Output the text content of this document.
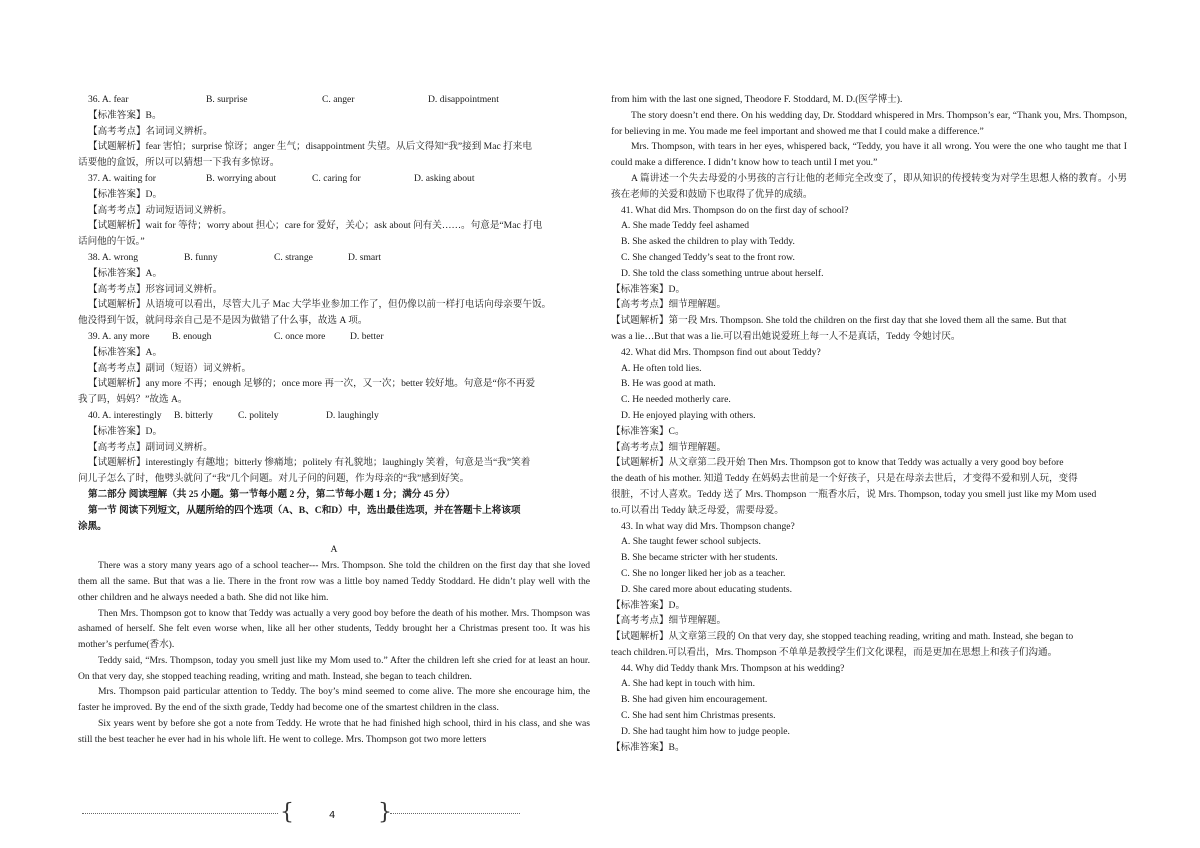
36. A. fear	B. surprise	C. anger	D. disappointment
【标准答案】B。
【高考考点】名词词义辨析。
【试题解析】fear 害怕；surprise 惊讶；anger 生气；disappointment 失望。从后文得知“我”接到 Mac 打来电
话要他的盒饭，所以可以猜想一下我有多惊讶。
37. A. waiting for	B. worrying about	C. caring for	D. asking about
【标准答案】D。
【高考考点】动词短语词义辨析。
【试题解析】wait for 等待；worry about 担心；care for 爱好，关心；ask about 问有关……。句意是“Mac 打电
话问他的午饭。”
38. A. wrong	B. funny	C. strange	D. smart
【标准答案】A。
【高考考点】形容词词义辨析。
【试题解析】从语境可以看出，尽管大儿子 Mac 大学毕业参加工作了，但仍像以前一样打电话向母亲要午饭。
他没得到午饭，就问母亲自己是不是因为做错了什么事，故选 A 项。
39. A. any more	B. enough	C. once more	D. better
【标准答案】A。
【高考考点】副词（短语）词义辨析。
【试题解析】any more 不再；enough 足够的；once more 再一次，又一次；better 较好地。句意是“你不再爱
我了吗，妈妈？”故选 A。
40. A. interestingly	B. bitterly	C. politely	D. laughingly
【标准答案】D。
【高考考点】副词词义辨析。
【试题解析】interestingly 有趣地；bitterly 惨痛地；politely 有礼貌地；laughingly 笑着，句意是当“我”笑着
问儿子怎么了时，他劈头就问了“我”几个问题。对儿子问的问题，作为母亲的“我”感到好笑。
第二部分 阅读理解（共 25 小题。第一节每小题 2 分，第二节每小题 1 分；满分 45 分）
第一节 阅读下列短文，从题所给的四个选项（A、B、C和D）中，选出最佳选项，并在答题卡上将该项
涂黑。
A
There was a story many years ago of a school teacher--- Mrs. Thompson. She told the children on the first day that she loved them all the same. But that was a lie. There in the front row was a little boy named Teddy Stoddard. He didn’t play well with the other children and he always needed a bath. She did not like him.
Then Mrs. Thompson got to know that Teddy was actually a very good boy before the death of his mother. Mrs. Thompson was ashamed of herself. She felt even worse when, like all her other students, Teddy brought her a Christmas present too. It was his mother’s perfume(香水).
Teddy said, “Mrs. Thompson, today you smell just like my Mom used to.” After the children left she cried for at least an hour. On that very day, she stopped teaching reading, writing and math. Instead, she began to teach children.
Mrs. Thompson paid particular attention to Teddy. The boy’s mind seemed to come alive. The more she encourage him, the faster he improved. By the end of the sixth grade, Teddy had become one of the smartest children in the class.
Six years went by before she got a note from Teddy. He wrote that he had finished high school, third in his class, and she was still the best teacher he ever had in his whole lift. He went to college. Mrs. Thompson got two more letters
from him with the last one signed, Theodore F. Stoddard, M. D.(医学博士).
The story doesn’t end there. On his wedding day, Dr. Stoddard whispered in Mrs. Thompson’s ear, “Thank you, Mrs. Thompson, for believing in me. You made me feel important and showed me that I could make a difference.”
Mrs. Thompson, with tears in her eyes, whispered back, “Teddy, you have it all wrong. You were the one who taught me that I could make a difference. I didn’t know how to teach until I met you.”
A 篇讲述一个失去母爱的小男孩的言行让他的老师完全改变了，即从知识的传授转变为对学生思想人格的教育。小男孩在老师的关爱和鼓励下也取得了优异的成绩。
41. What did Mrs. Thompson do on the first day of school?
A. She made Teddy feel ashamed
B. She asked the children to play with Teddy.
C. She changed Teddy’s seat to the front row.
D. She told the class something untrue about herself.
【标准答案】D。
【高考考点】细节理解题。
【试题解析】第一段 Mrs. Thompson. She told the children on the first day that she loved them all the same. But that
was a lie…But that was a lie.可以看出她说爱班上每一人不是真话，Teddy 令她讨厌。
42. What did Mrs. Thompson find out about Teddy?
A. He often told lies.
B. He was good at math.
C. He needed motherly care.
D. He enjoyed playing with others.
【标准答案】C。
【高考考点】细节理解题。
【试题解析】从文章第二段开始 Then Mrs. Thompson got to know that Teddy was actually a very good boy before
the death of his mother. 知道 Teddy 在妈妈去世前是一个好孩子，只是在母亲去世后，才变得不爱和别人玩，变得
很脏，不讨人喜欢。Teddy 送了 Mrs. Thompson 一瓶香水后，说 Mrs. Thompson, today you smell just like my Mom used
to.可以看出 Teddy 缺乏母爱，需要母爱。
43. In what way did Mrs. Thompson change?
A. She taught fewer school subjects.
B. She became stricter with her students.
C. She no longer liked her job as a teacher.
D. She cared more about educating students.
【标准答案】D。
【高考考点】细节理解题。
【试题解析】从文章第三段的 On that very day, she stopped teaching reading, writing and math. Instead, she began to
teach children.可以看出，Mrs. Thompson 不单单是教授学生们文化课程，而是更加在思想上和孩子们沟通。
44. Why did Teddy thank Mrs. Thompson at his wedding?
A. She had kept in touch with him.
B. She had given him encouragement.
C. She had sent him Christmas presents.
D. She had taught him how to judge people.
【标准答案】B。
{	4 }
